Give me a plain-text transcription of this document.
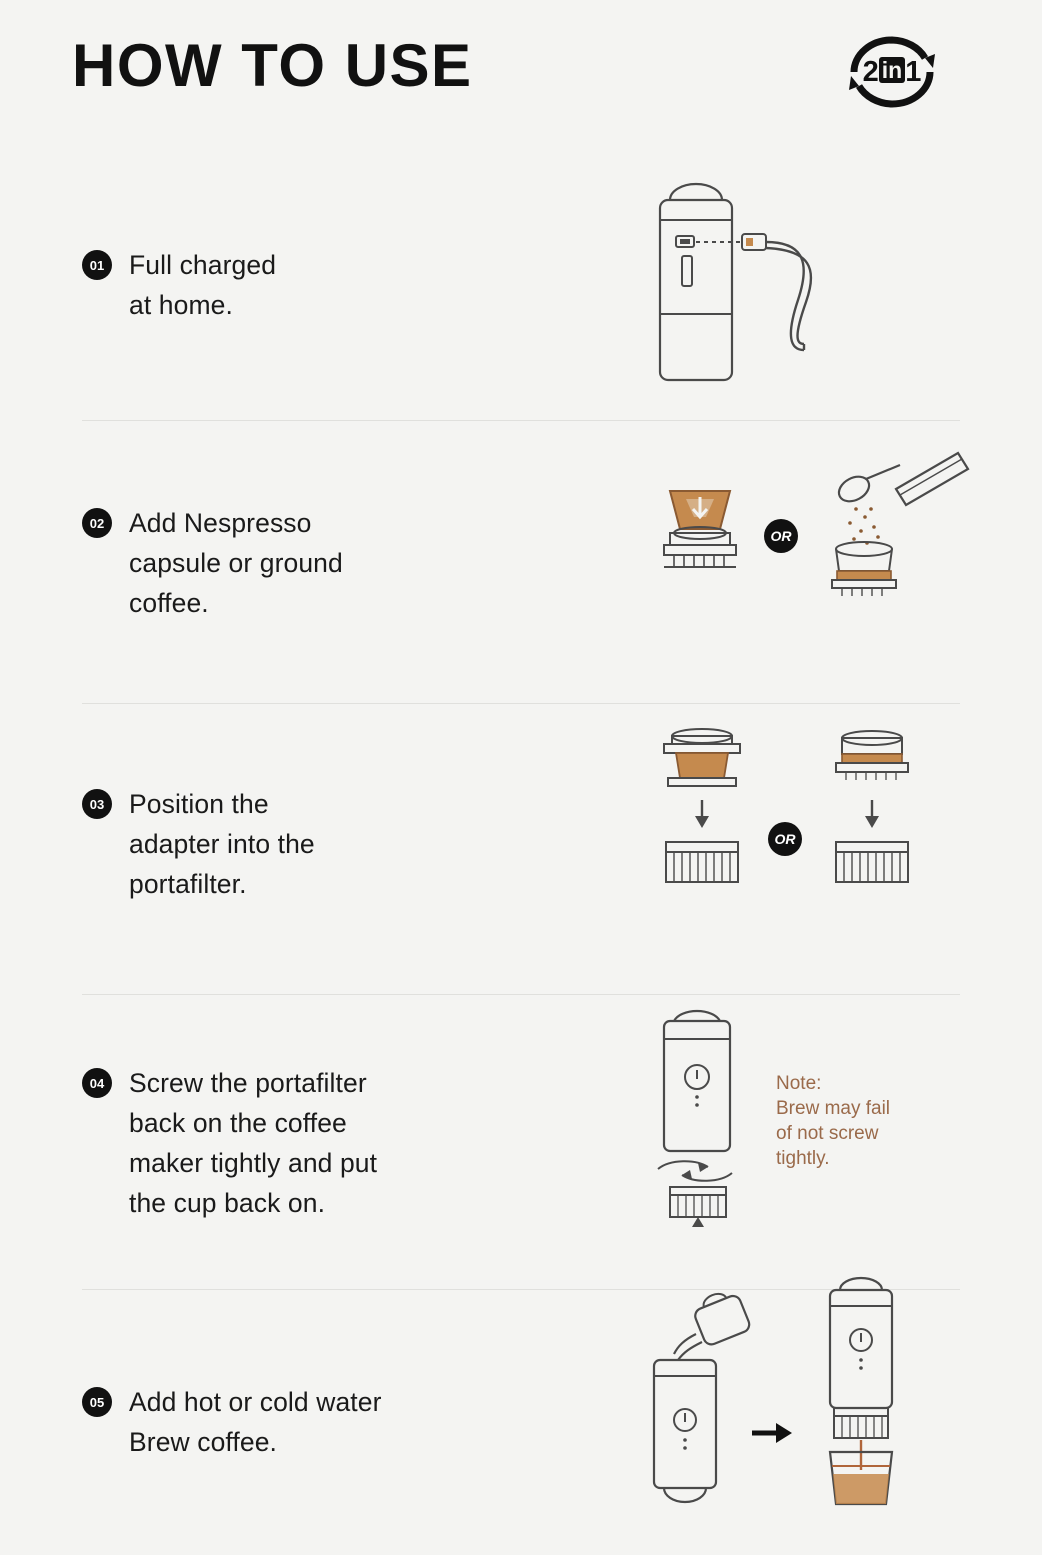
HOW TO USE	2 in 1
01 Full charged
at home.
02 Add Nespresso
capsule or ground
coffee.
OR
03 Position the
adapter into the
portafilter.
OR
04 Screw the portafilter
back on the coffee
maker tightly and put
the cup back on.
Note:
Brew may fail
of not screw
tightly.
05 Add hot or cold water
Brew coffee.
